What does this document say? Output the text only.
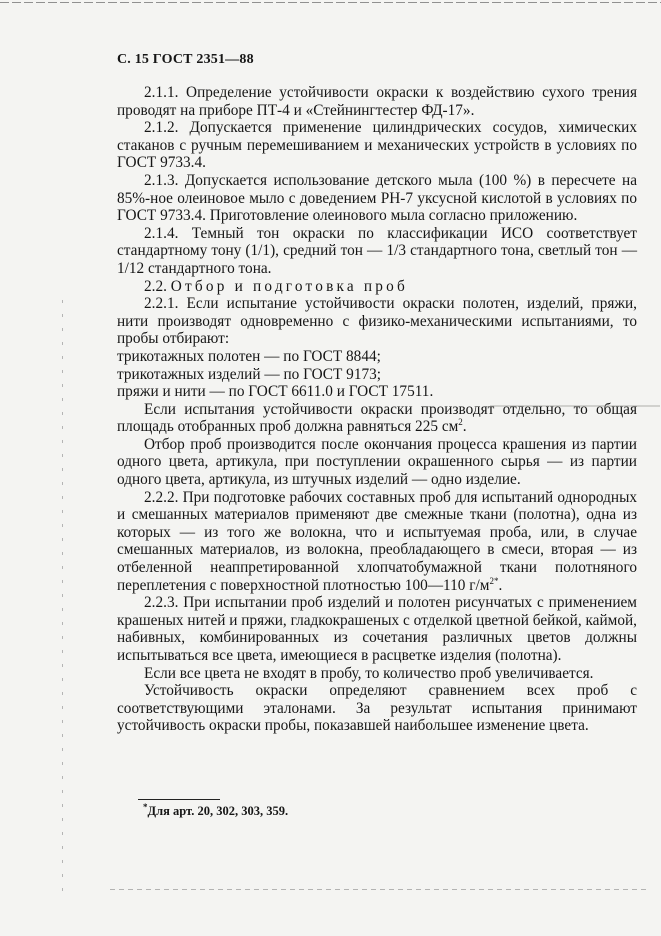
С. 15 ГОСТ 2351—88

2.1.1. Определение устойчивости окраски к воздействию сухого трения проводят на приборе ПТ-4 и «Стейнингтестер ФД-17».

2.1.2. Допускается применение цилиндрических сосудов, химических стаканов с ручным перемешиванием и механических устройств в условиях по ГОСТ 9733.4.

2.1.3. Допускается использование детского мыла (100 %) в пересчете на 85%-ное олеиновое мыло с доведением РН-7 уксусной кислотой в условиях по ГОСТ 9733.4. Приготовление олеинового мыла согласно приложению.

2.1.4. Темный тон окраски по классификации ИСО соответствует стандартному тону (1/1), средний тон — 1/3 стандартного тона, светлый тон — 1/12 стандартного тона.

2.2. Отбор и подготовка проб

2.2.1. Если испытание устойчивости окраски полотен, изделий, пряжи, нити производят одновременно с физико-механическими испытаниями, то пробы отбирают:

трикотажных полотен — по ГОСТ 8844;

трикотажных изделий — по ГОСТ 9173;

пряжи и нити — по ГОСТ 6611.0 и ГОСТ 17511.

Если испытания устойчивости окраски производят отдельно, то общая площадь отобранных проб должна равняться 225 $см^2$.

Отбор проб производится после окончания процесса крашения из партии одного цвета, артикула, при поступлении окрашенного сырья — из партии одного цвета, артикула, из штучных изделий — одно изделие.

2.2.2. При подготовке рабочих составных проб для испытаний однородных и смешанных материалов применяют две смежные ткани (полотна), одна из которых — из того же волокна, что и испытуемая проба, или, в случае смешанных материалов, из волокна, преобладающего в смеси, вторая — из отбеленной неаппретированной хлопчатобумажной ткани полотняного переплетения с поверхностной плотностью 100—110 $г/м^{2*}$.

2.2.3. При испытании проб изделий и полотен рисунчатых с применением крашеных нитей и пряжи, гладкокрашеных с отделкой цветной бейкой, каймой, набивных, комбинированных из сочетания различных цветов должны испытываться все цвета, имеющиеся в расцветке изделия (полотна).

Если все цвета не входят в пробу, то количество проб увеличивается.

Устойчивость окраски определяют сравнением всех проб с соответствующими эталонами. За результат испытания принимают устойчивость окраски пробы, показавшей наибольшее изменение цвета.

*Для арт. 20, 302, 303, 359.
